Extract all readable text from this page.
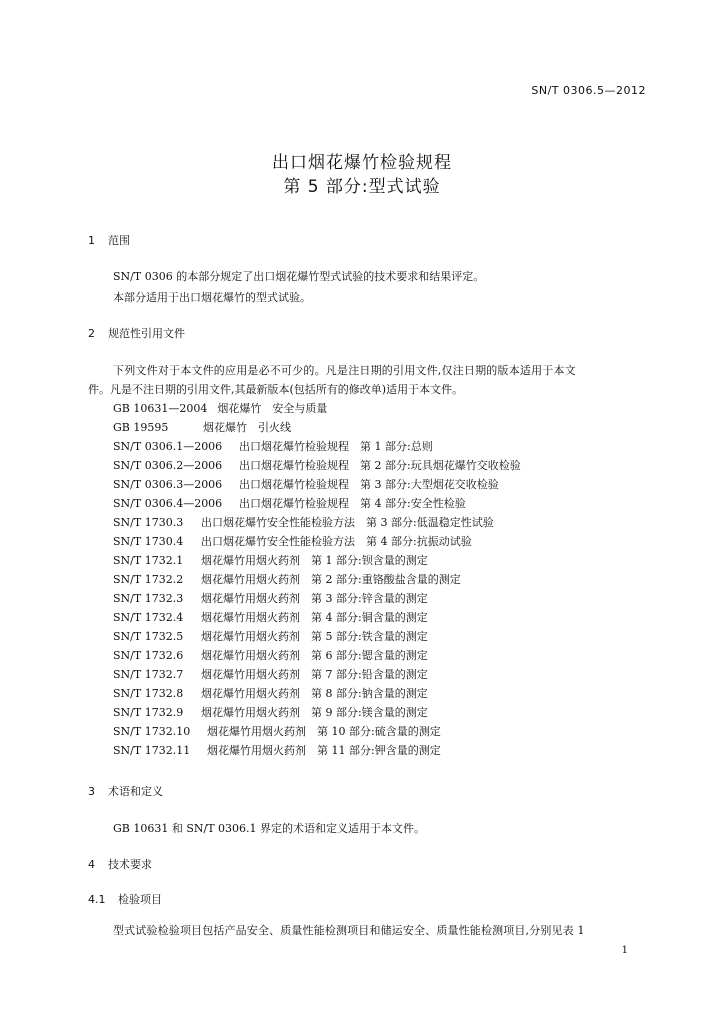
SN/T 0306.5—2012
出口烟花爆竹检验规程
第 5 部分:型式试验
1 范围
SN/T 0306 的本部分规定了出口烟花爆竹型式试验的技术要求和结果评定。
本部分适用于出口烟花爆竹的型式试验。
2 规范性引用文件
下列文件对于本文件的应用是必不可少的。凡是注日期的引用文件,仅注日期的版本适用于本文
件。凡是不注日期的引用文件,其最新版本(包括所有的修改单)适用于本文件。
GB 10631—2004 烟花爆竹　安全与质量
GB 19595	烟花爆竹　引火线
SN/T 0306.1—2006 出口烟花爆竹检验规程　第 1 部分:总则
SN/T 0306.2—2006 出口烟花爆竹检验规程　第 2 部分:玩具烟花爆竹交收检验
SN/T 0306.3—2006 出口烟花爆竹检验规程　第 3 部分:大型烟花交收检验
SN/T 0306.4—2006 出口烟花爆竹检验规程　第 4 部分:安全性检验
SN/T 1730.3 出口烟花爆竹安全性能检验方法　第 3 部分:低温稳定性试验
SN/T 1730.4 出口烟花爆竹安全性能检验方法　第 4 部分:抗振动试验
SN/T 1732.1 烟花爆竹用烟火药剂　第 1 部分:钡含量的测定
SN/T 1732.2 烟花爆竹用烟火药剂　第 2 部分:重铬酸盐含量的测定
SN/T 1732.3 烟花爆竹用烟火药剂　第 3 部分:锌含量的测定
SN/T 1732.4 烟花爆竹用烟火药剂　第 4 部分:铜含量的测定
SN/T 1732.5 烟花爆竹用烟火药剂　第 5 部分:铁含量的测定
SN/T 1732.6 烟花爆竹用烟火药剂　第 6 部分:锶含量的测定
SN/T 1732.7 烟花爆竹用烟火药剂　第 7 部分:铅含量的测定
SN/T 1732.8 烟花爆竹用烟火药剂　第 8 部分:钠含量的测定
SN/T 1732.9 烟花爆竹用烟火药剂　第 9 部分:镁含量的测定
SN/T 1732.10 烟花爆竹用烟火药剂　第 10 部分:硫含量的测定
SN/T 1732.11 烟花爆竹用烟火药剂　第 11 部分:钾含量的测定
3 术语和定义
GB 10631 和 SN/T 0306.1 界定的术语和定义适用于本文件。
4 技术要求
4.1 检验项目
型式试验检验项目包括产品安全、质量性能检测项目和储运安全、质量性能检测项目,分别见表 1
1
